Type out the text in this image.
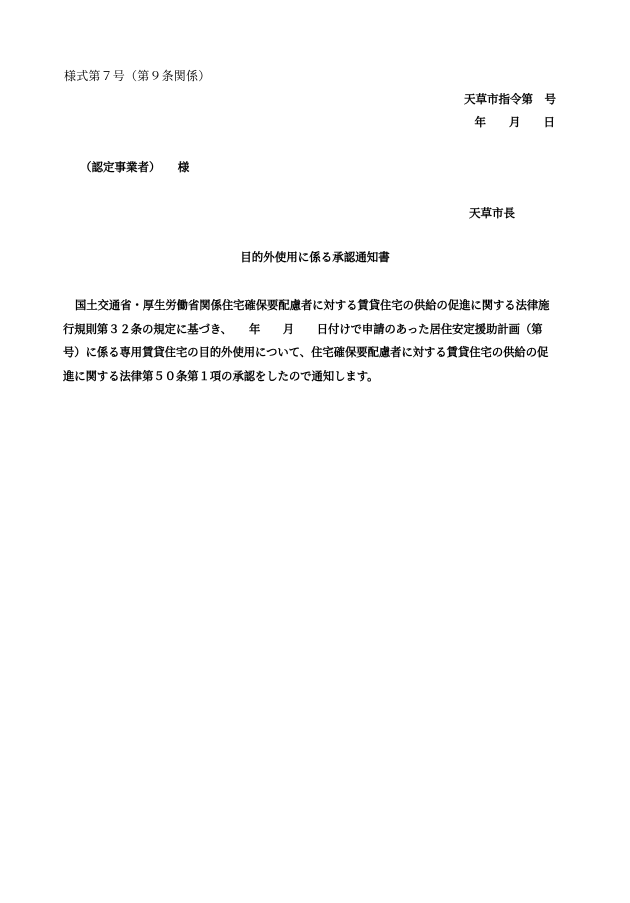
様式第７号（第９条関係）
天草市指令第　号
年　　月　　日
（認定事業者）　　様
天草市長
目的外使用に係る承認通知書
国土交通省・厚生労働省関係住宅確保要配慮者に対する賃貸住宅の供給の促進に関する法律施行規則第３２条の規定に基づき、　　年　　月　　日付けで申請のあった居住安定援助計画（第　　号）に係る専用賃貸住宅の目的外使用について、住宅確保要配慮者に対する賃貸住宅の供給の促進に関する法律第５０条第１項の承認をしたので通知します。
